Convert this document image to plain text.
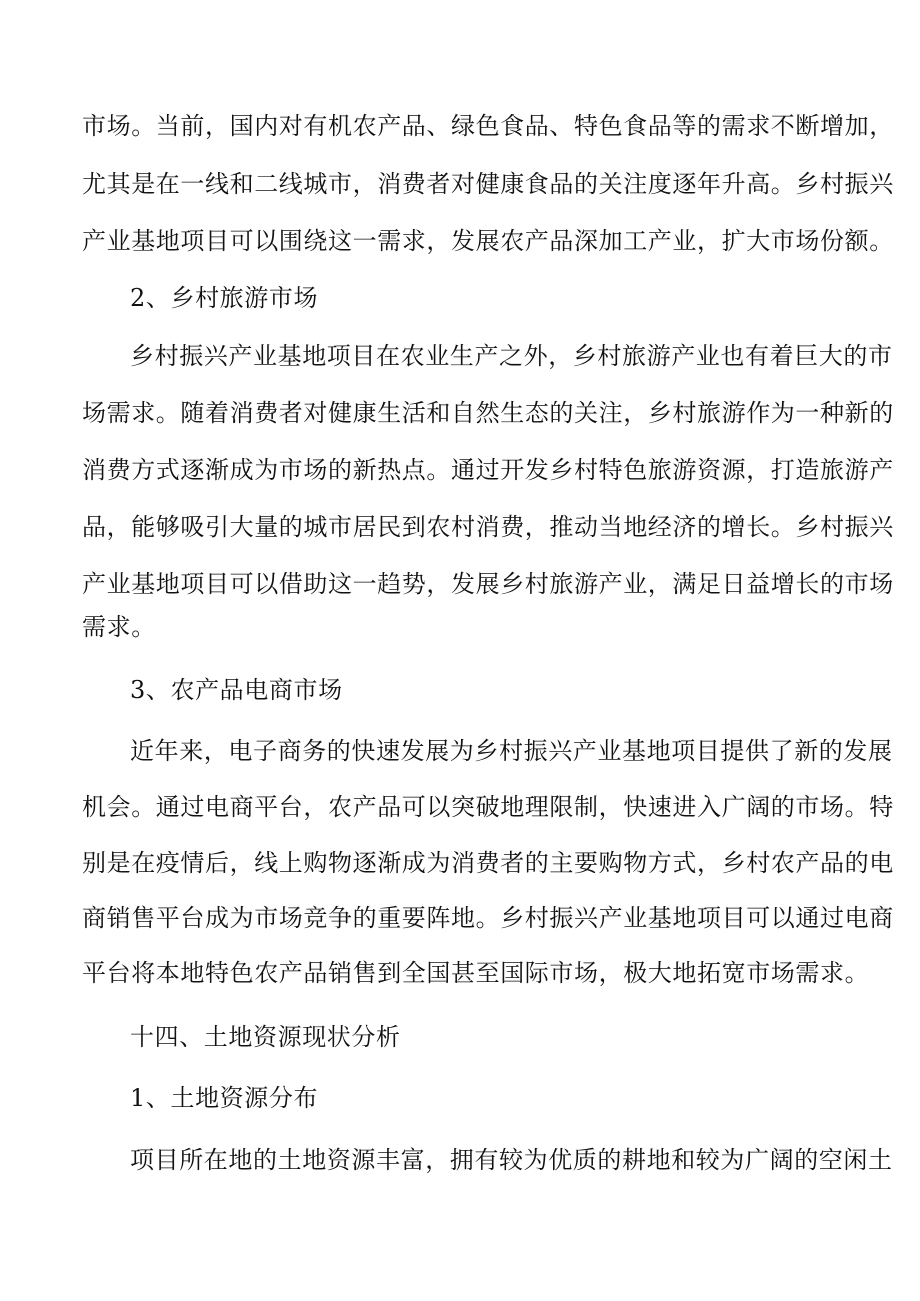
市场。当前，国内对有机农产品、绿色食品、特色食品等的需求不断增加，
尤其是在一线和二线城市，消费者对健康食品的关注度逐年升高。乡村振兴
产业基地项目可以围绕这一需求，发展农产品深加工产业，扩大市场份额。
2、乡村旅游市场
乡村振兴产业基地项目在农业生产之外，乡村旅游产业也有着巨大的市
场需求。随着消费者对健康生活和自然生态的关注，乡村旅游作为一种新的
消费方式逐渐成为市场的新热点。通过开发乡村特色旅游资源，打造旅游产
品，能够吸引大量的城市居民到农村消费，推动当地经济的增长。乡村振兴
产业基地项目可以借助这一趋势，发展乡村旅游产业，满足日益增长的市场
需求。
3、农产品电商市场
近年来，电子商务的快速发展为乡村振兴产业基地项目提供了新的发展
机会。通过电商平台，农产品可以突破地理限制，快速进入广阔的市场。特
别是在疫情后，线上购物逐渐成为消费者的主要购物方式，乡村农产品的电
商销售平台成为市场竞争的重要阵地。乡村振兴产业基地项目可以通过电商
平台将本地特色农产品销售到全国甚至国际市场，极大地拓宽市场需求。
十四、土地资源现状分析
1、土地资源分布
项目所在地的土地资源丰富，拥有较为优质的耕地和较为广阔的空闲土
